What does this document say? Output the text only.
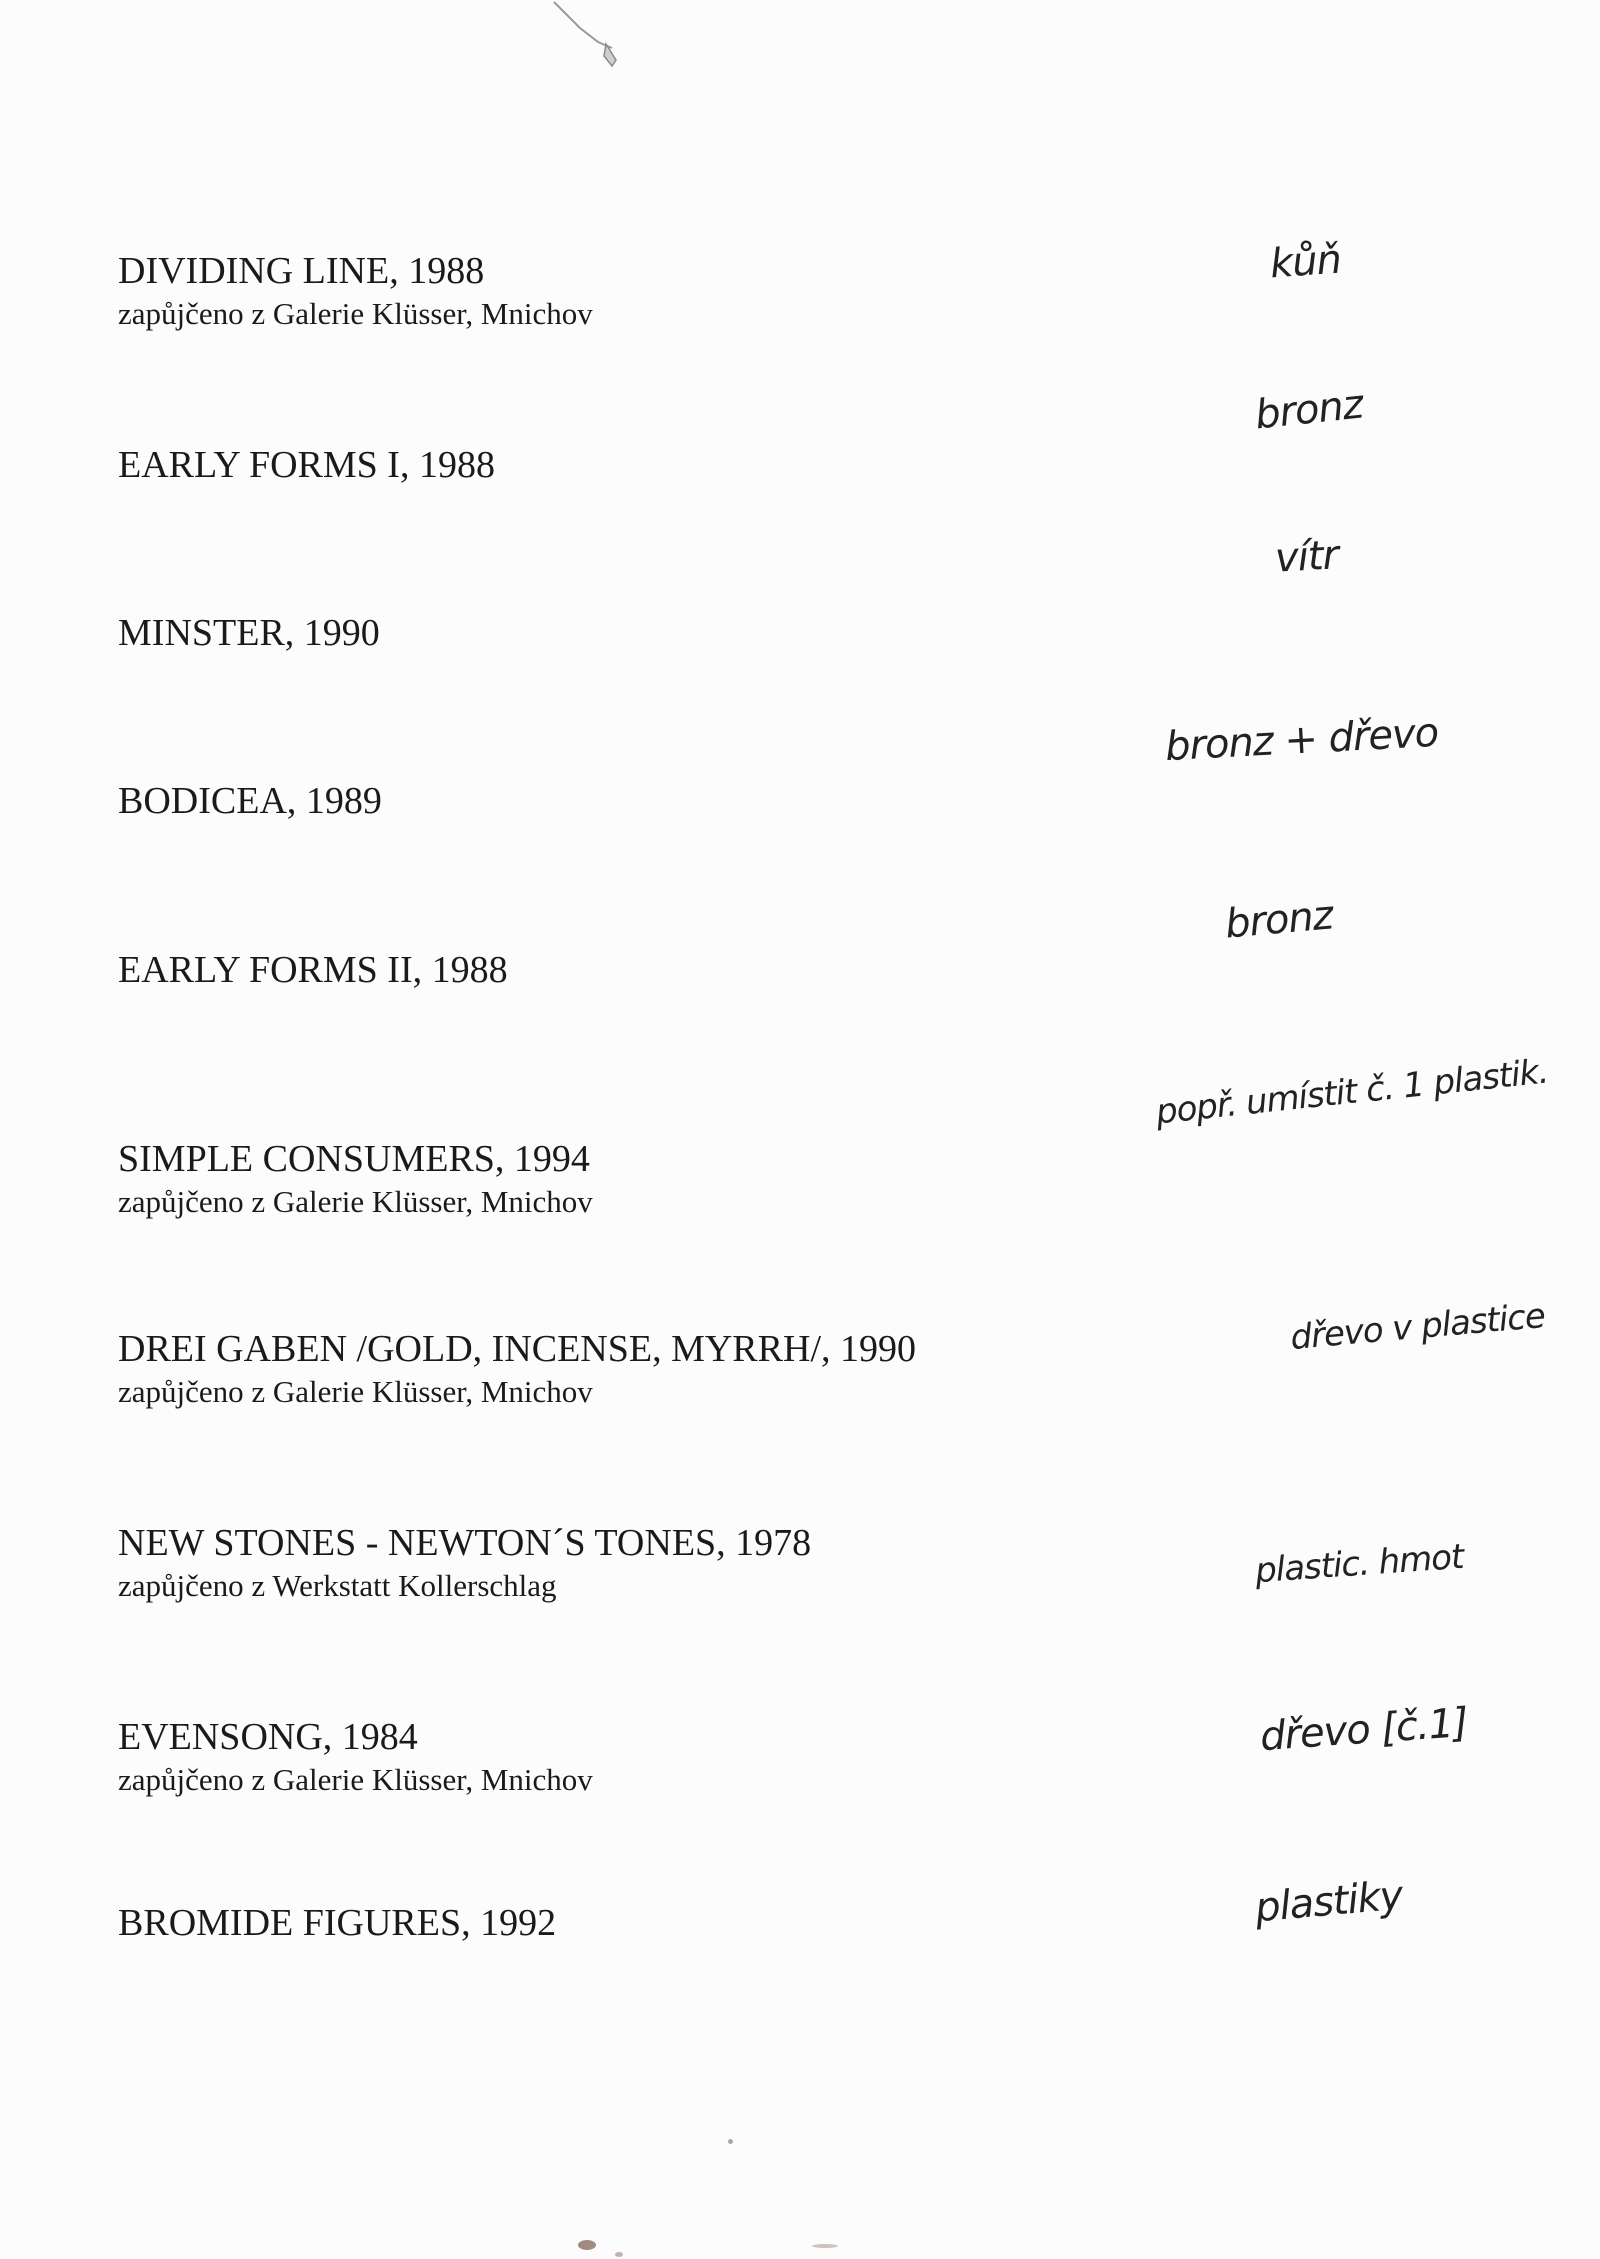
DIVIDING LINE, 1988
zapůjčeno z Galerie Klüsser, Mnichov
EARLY FORMS I, 1988
MINSTER, 1990
BODICEA, 1989
EARLY FORMS II, 1988
SIMPLE CONSUMERS, 1994
zapůjčeno z Galerie Klüsser, Mnichov
DREI GABEN /GOLD, INCENSE, MYRRH/, 1990
zapůjčeno z Galerie Klüsser, Mnichov
NEW STONES - NEWTON´S TONES, 1978
zapůjčeno z Werkstatt Kollerschlag
EVENSONG, 1984
zapůjčeno z Galerie Klüsser, Mnichov
BROMIDE FIGURES, 1992
kůň
bronz
vítr
bronz + dřevo
bronz
popř. umístit č. 1 plastik.
dřevo v plastice
plastic. hmot
dřevo [č.1]
plastiky
